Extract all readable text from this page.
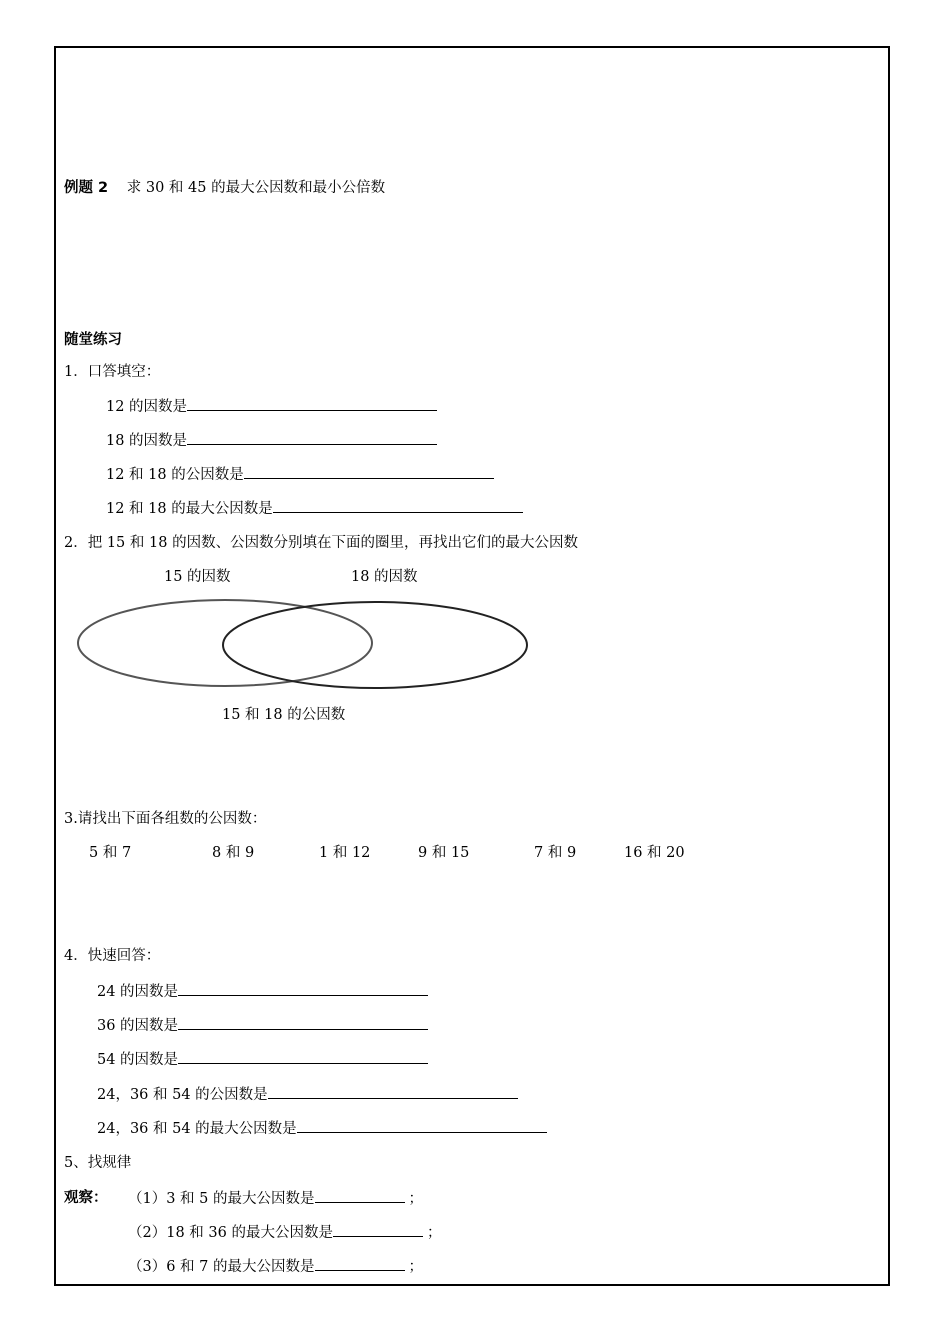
例题 2 求 30 和 45 的最大公因数和最小公倍数
随堂练习
1．口答填空：
12 的因数是
18 的因数是
12 和 18 的公因数是
12 和 18 的最大公因数是
2．把 15 和 18 的因数、公因数分别填在下面的圈里，再找出它们的最大公因数
15 的因数	18 的因数
15 和 18 的公因数
3.请找出下面各组数的公因数：
5 和 7	8 和 9	1 和 12	9 和 15	7 和 9	16 和 20
4．快速回答：
24 的因数是
36 的因数是
54 的因数是
24，36 和 54 的公因数是
24，36 和 54 的最大公因数是
5、找规律
观察： （1）3 和 5 的最大公因数是	；
（2）18 和 36 的最大公因数是	；
（3）6 和 7 的最大公因数是	；
